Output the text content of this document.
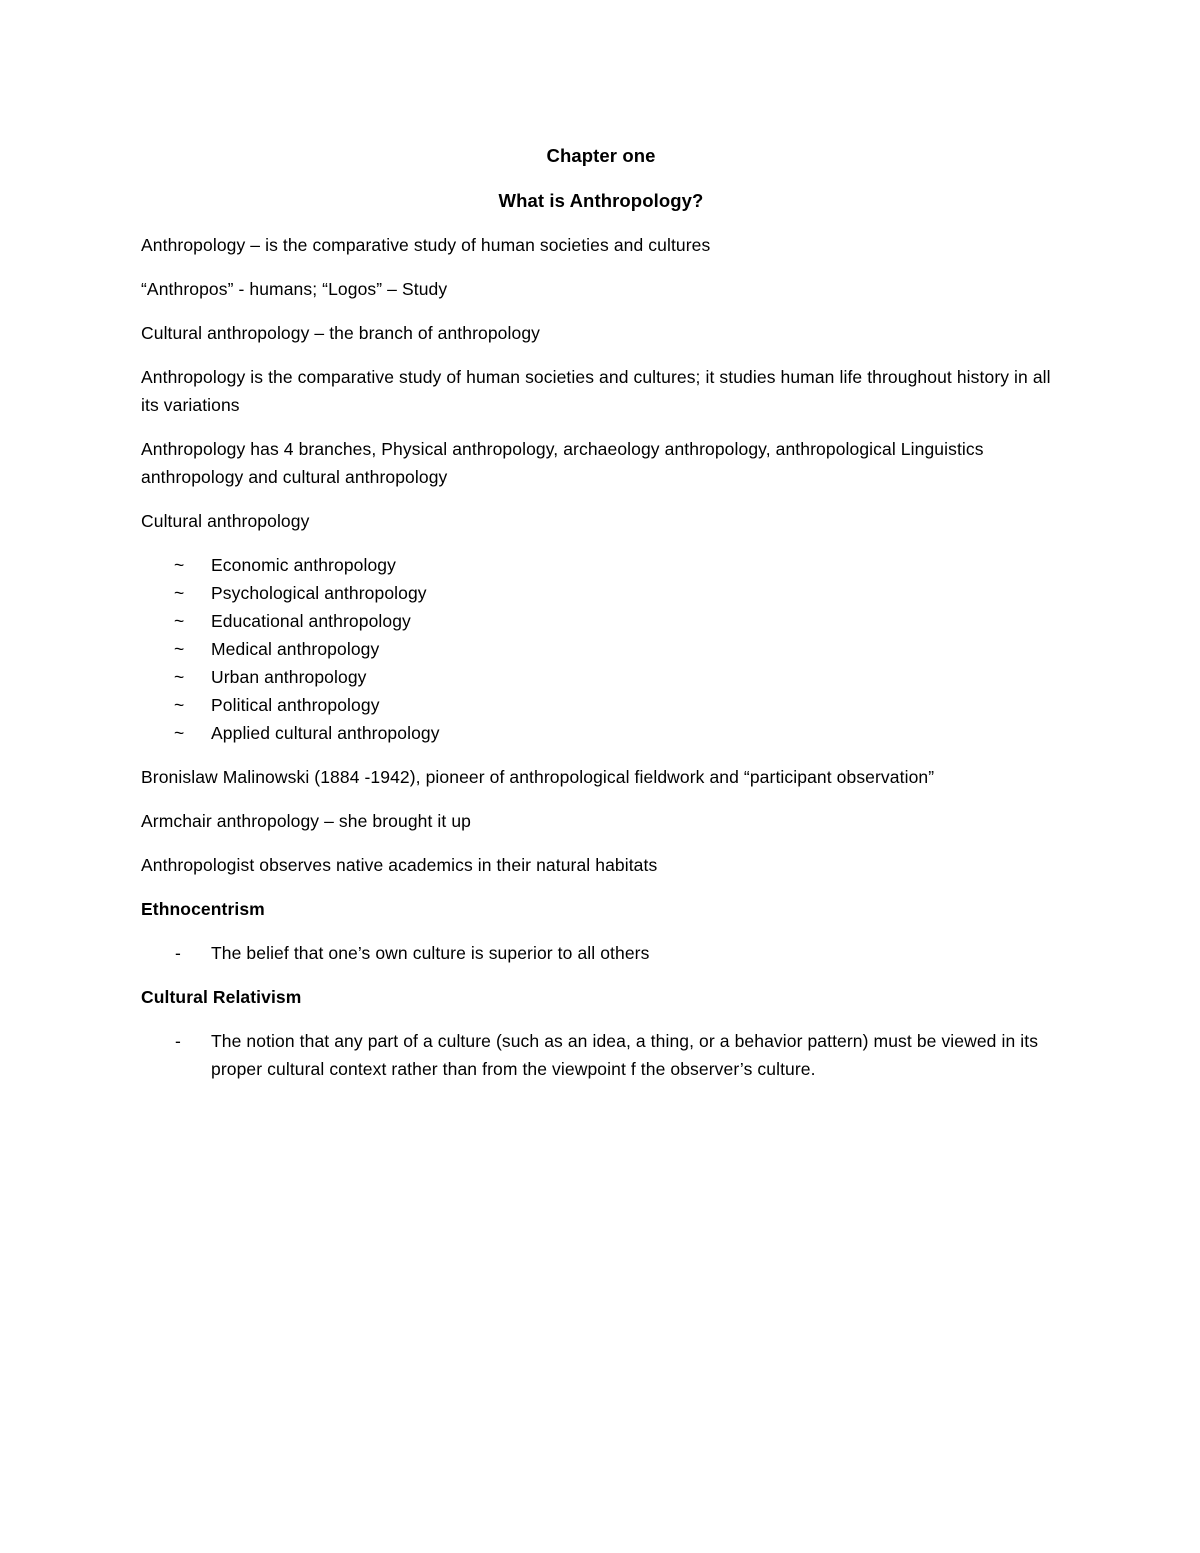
Chapter one
What is Anthropology?

Anthropology – is the comparative study of human societies and cultures

“Anthropos” - humans; “Logos” – Study

Cultural anthropology – the branch of anthropology

Anthropology is the comparative study of human societies and cultures; it studies human life throughout history in all its variations

Anthropology has 4 branches, Physical anthropology, archaeology anthropology, anthropological Linguistics anthropology and cultural anthropology

Cultural anthropology

~	Economic anthropology
~	Psychological anthropology
~	Educational anthropology
~	Medical anthropology
~	Urban anthropology
~	Political anthropology
~	Applied cultural anthropology

Bronislaw Malinowski (1884 -1942), pioneer of anthropological fieldwork and “participant observation”

Armchair anthropology – she brought it up

Anthropologist observes native academics in their natural habitats

Ethnocentrism
-	The belief that one’s own culture is superior to all others
Cultural Relativism
-	The notion that any part of a culture (such as an idea, a thing, or a behavior pattern) must be viewed in its proper cultural context rather than from the viewpoint f the observer’s culture.
